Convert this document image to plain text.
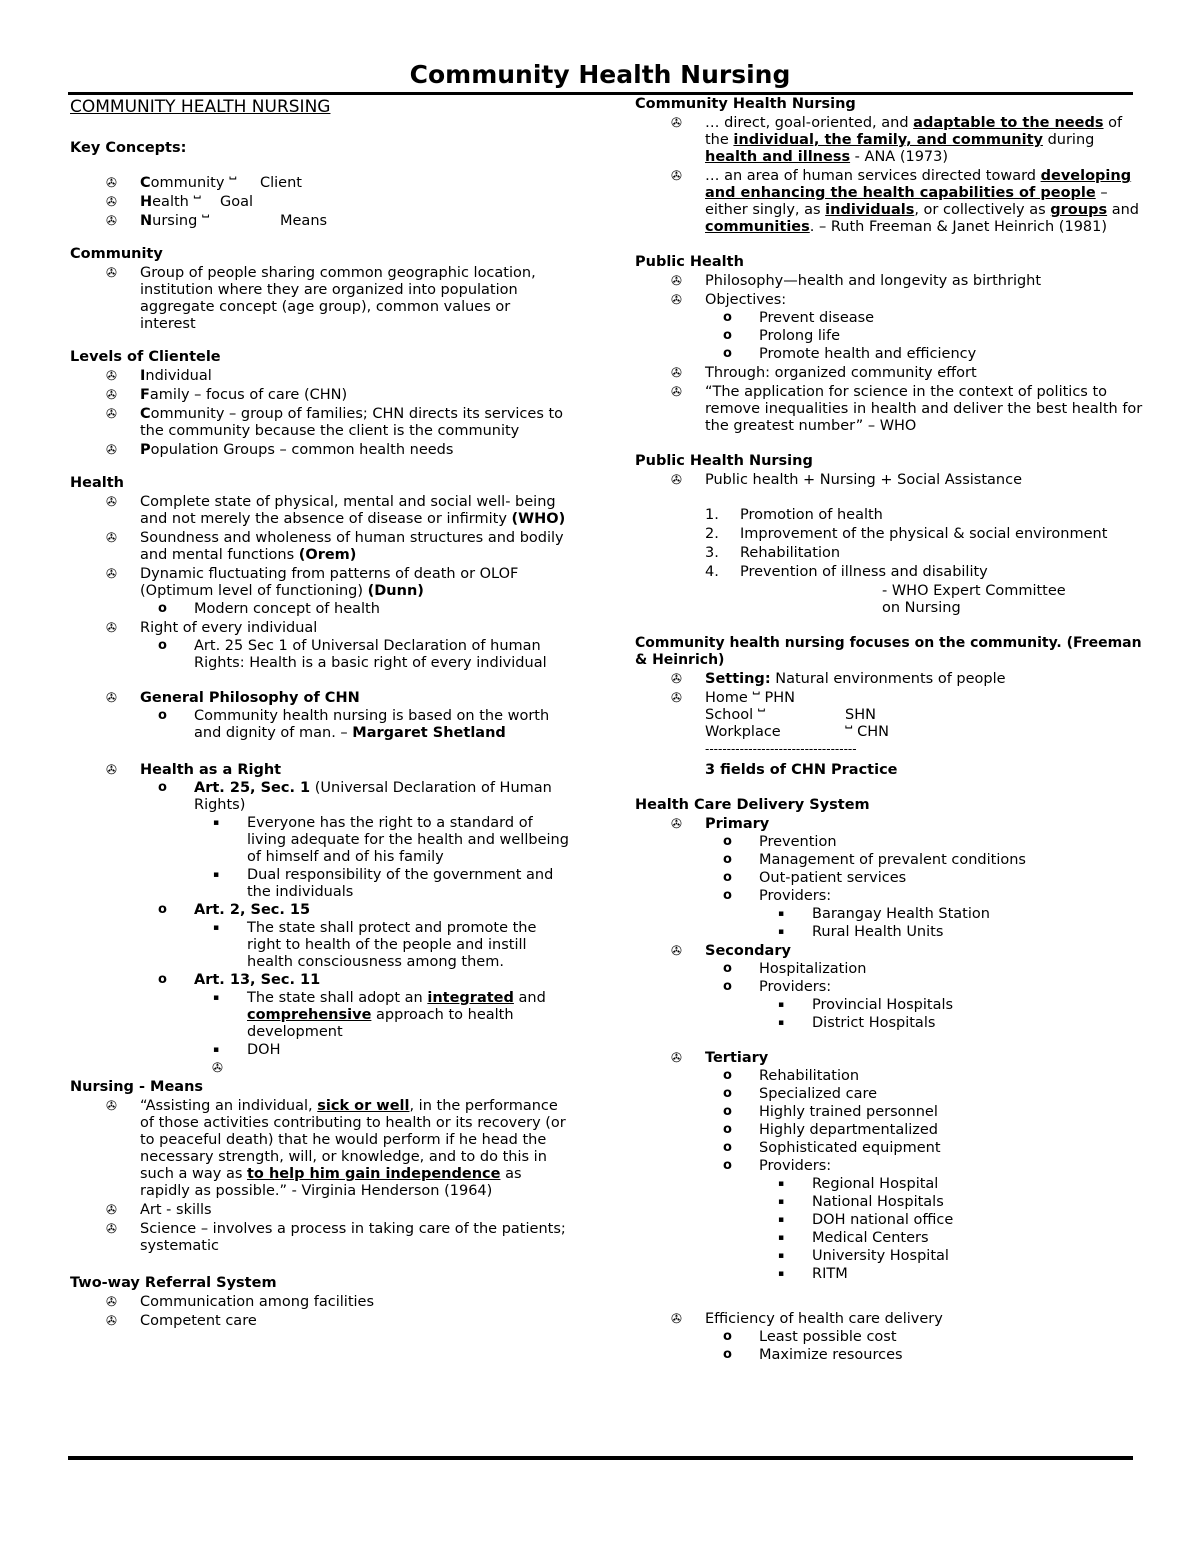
Community Health Nursing
COMMUNITY HEALTH NURSING
Key Concepts:
✇ Community ⵯ Client
✇ Health ⵯ Goal
✇ Nursing ⵯ	Means
Community
✇ Group of people sharing common geographic location, institution where they are organized into population aggregate concept (age group), common values or interest
Levels of Clientele
✇ Individual
✇ Family – focus of care (CHN)
✇ Community – group of families; CHN directs its services to the community because the client is the community
✇ Population Groups – common health needs
Health
✇ Complete state of physical, mental and social well- being and not merely the absence of disease or infirmity (WHO)
✇ Soundness and wholeness of human structures and bodily and mental functions (Orem)
✇ Dynamic fluctuating from patterns of death or OLOF (Optimum level of functioning) (Dunn)
o Modern concept of health
✇ Right of every individual
o Art. 25 Sec 1 of Universal Declaration of human Rights: Health is a basic right of every individual
✇ General Philosophy of CHN
o Community health nursing is based on the worth and dignity of man. – Margaret Shetland
✇ Health as a Right
o Art. 25, Sec. 1 (Universal Declaration of Human Rights)
▪ Everyone has the right to a standard of living adequate for the health and wellbeing of himself and of his family
▪ Dual responsibility of the government and the individuals
o Art. 2, Sec. 15
▪ The state shall protect and promote the right to health of the people and instill health consciousness among them.
o Art. 13, Sec. 11
▪ The state shall adopt an integrated and comprehensive approach to health development
▪ DOH
▪ ✇

Nursing - Means
✇ “Assisting an individual, sick or well, in the performance of those activities contributing to health or its recovery (or to peaceful death) that he would perform if he head the necessary strength, will, or knowledge, and to do this in such a way as to help him gain independence as rapidly as possible.” - Virginia Henderson (1964)
✇ Art - skills
✇ Science – involves a process in taking care of the patients; systematic
Two-way Referral System
✇ Communication among facilities
✇ Competent care
Community Health Nursing
✇ … direct, goal-oriented, and adaptable to the needs of the individual, the family, and community during health and illness - ANA (1973)
✇ … an area of human services directed toward developing and enhancing the health capabilities of people – either singly, as individuals, or collectively as groups and communities. – Ruth Freeman & Janet Heinrich (1981)
Public Health
✇ Philosophy—health and longevity as birthright
✇ Objectives:
o Prevent disease
o Prolong life
o Promote health and efficiency
✇ Through: organized community effort
✇ “The application for science in the context of politics to remove inequalities in health and deliver the best health for the greatest number” – WHO
Public Health Nursing
✇ Public health + Nursing + Social Assistance
1. Promotion of health
2. Improvement of the physical & social environment
3. Rehabilitation
4. Prevention of illness and disability
- WHO Expert Committee
on Nursing
Community health nursing focuses on the community. (Freeman & Heinrich)
✇ Setting: Natural environments of people
✇ Home ⵯ PHN
School ⵯ	SHN
Workplace	ⵯ
CHN
-----------------------------------
3 fields of CHN Practice
Health Care Delivery System
✇ Primary
o Prevention
o Management of prevalent conditions
o Out-patient services
o Providers:
▪ Barangay Health Station
▪ Rural Health Units
✇ Secondary
o Hospitalization
o Providers:
▪ Provincial Hospitals
▪ District Hospitals
✇ Tertiary
o Rehabilitation
o Specialized care
o Highly trained personnel
o Highly departmentalized
o Sophisticated equipment
o Providers:
▪ Regional Hospital
▪ National Hospitals
▪ DOH national office
▪ Medical Centers
▪ University Hospital
▪ RITM
✇ Efficiency of health care delivery
o Least possible cost
o Maximize resources
